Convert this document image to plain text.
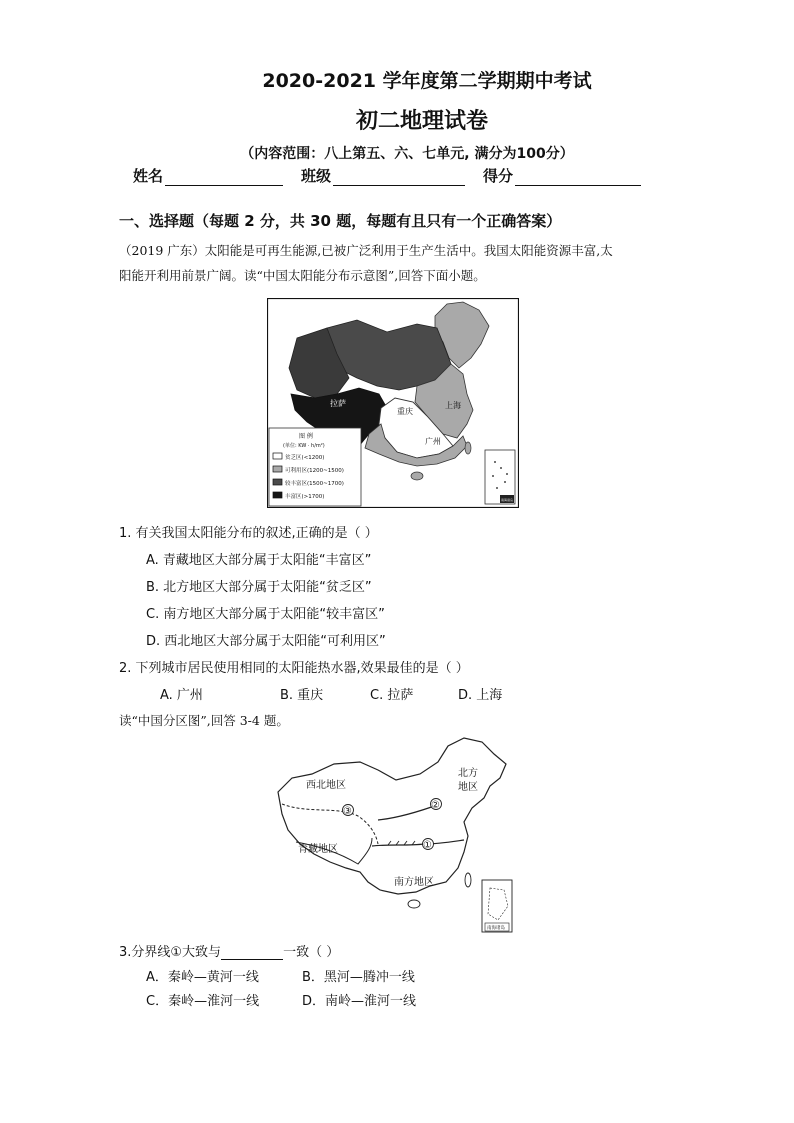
2020-2021 学年度第二学期期中考试
初二地理试卷
（内容范围：八上第五、六、七单元, 满分为100分）
姓名	班级	得分
一、选择题（每题 2 分，共 30 题，每题有且只有一个正确答案）
（2019 广东）太阳能是可再生能源,已被广泛利用于生产生活中。我国太阳能资源丰富,太
阳能开利用前景广阔。读“中国太阳能分布示意图”,回答下面小题。
拉萨
重庆
上海
广州
图 例
(单位: KW · h/m²)
贫乏区(<1200)
可利用区(1200~1500)
较丰富区(1500~1700)
丰富区(>1700)	南海诸岛
1. 有关我国太阳能分布的叙述,正确的是（ ）
A. 青藏地区大部分属于太阳能“丰富区”
B. 北方地区大部分属于太阳能“贫乏区”
C. 南方地区大部分属于太阳能“较丰富区”
D. 西北地区大部分属于太阳能“可利用区”
2. 下列城市居民使用相同的太阳能热水器,效果最佳的是（ ）
A. 广州	B. 重庆	C. 拉萨	D. 上海
读“中国分区图”,回答 3-4 题。
①
②
③
西北地区
北方
地区
青藏地区
南方地区
南海诸岛
3.分界线①大致与	一致（ ）
A．秦岭—黄河一线	B．黑河—腾冲一线
C．秦岭—淮河一线	D．南岭—淮河一线
